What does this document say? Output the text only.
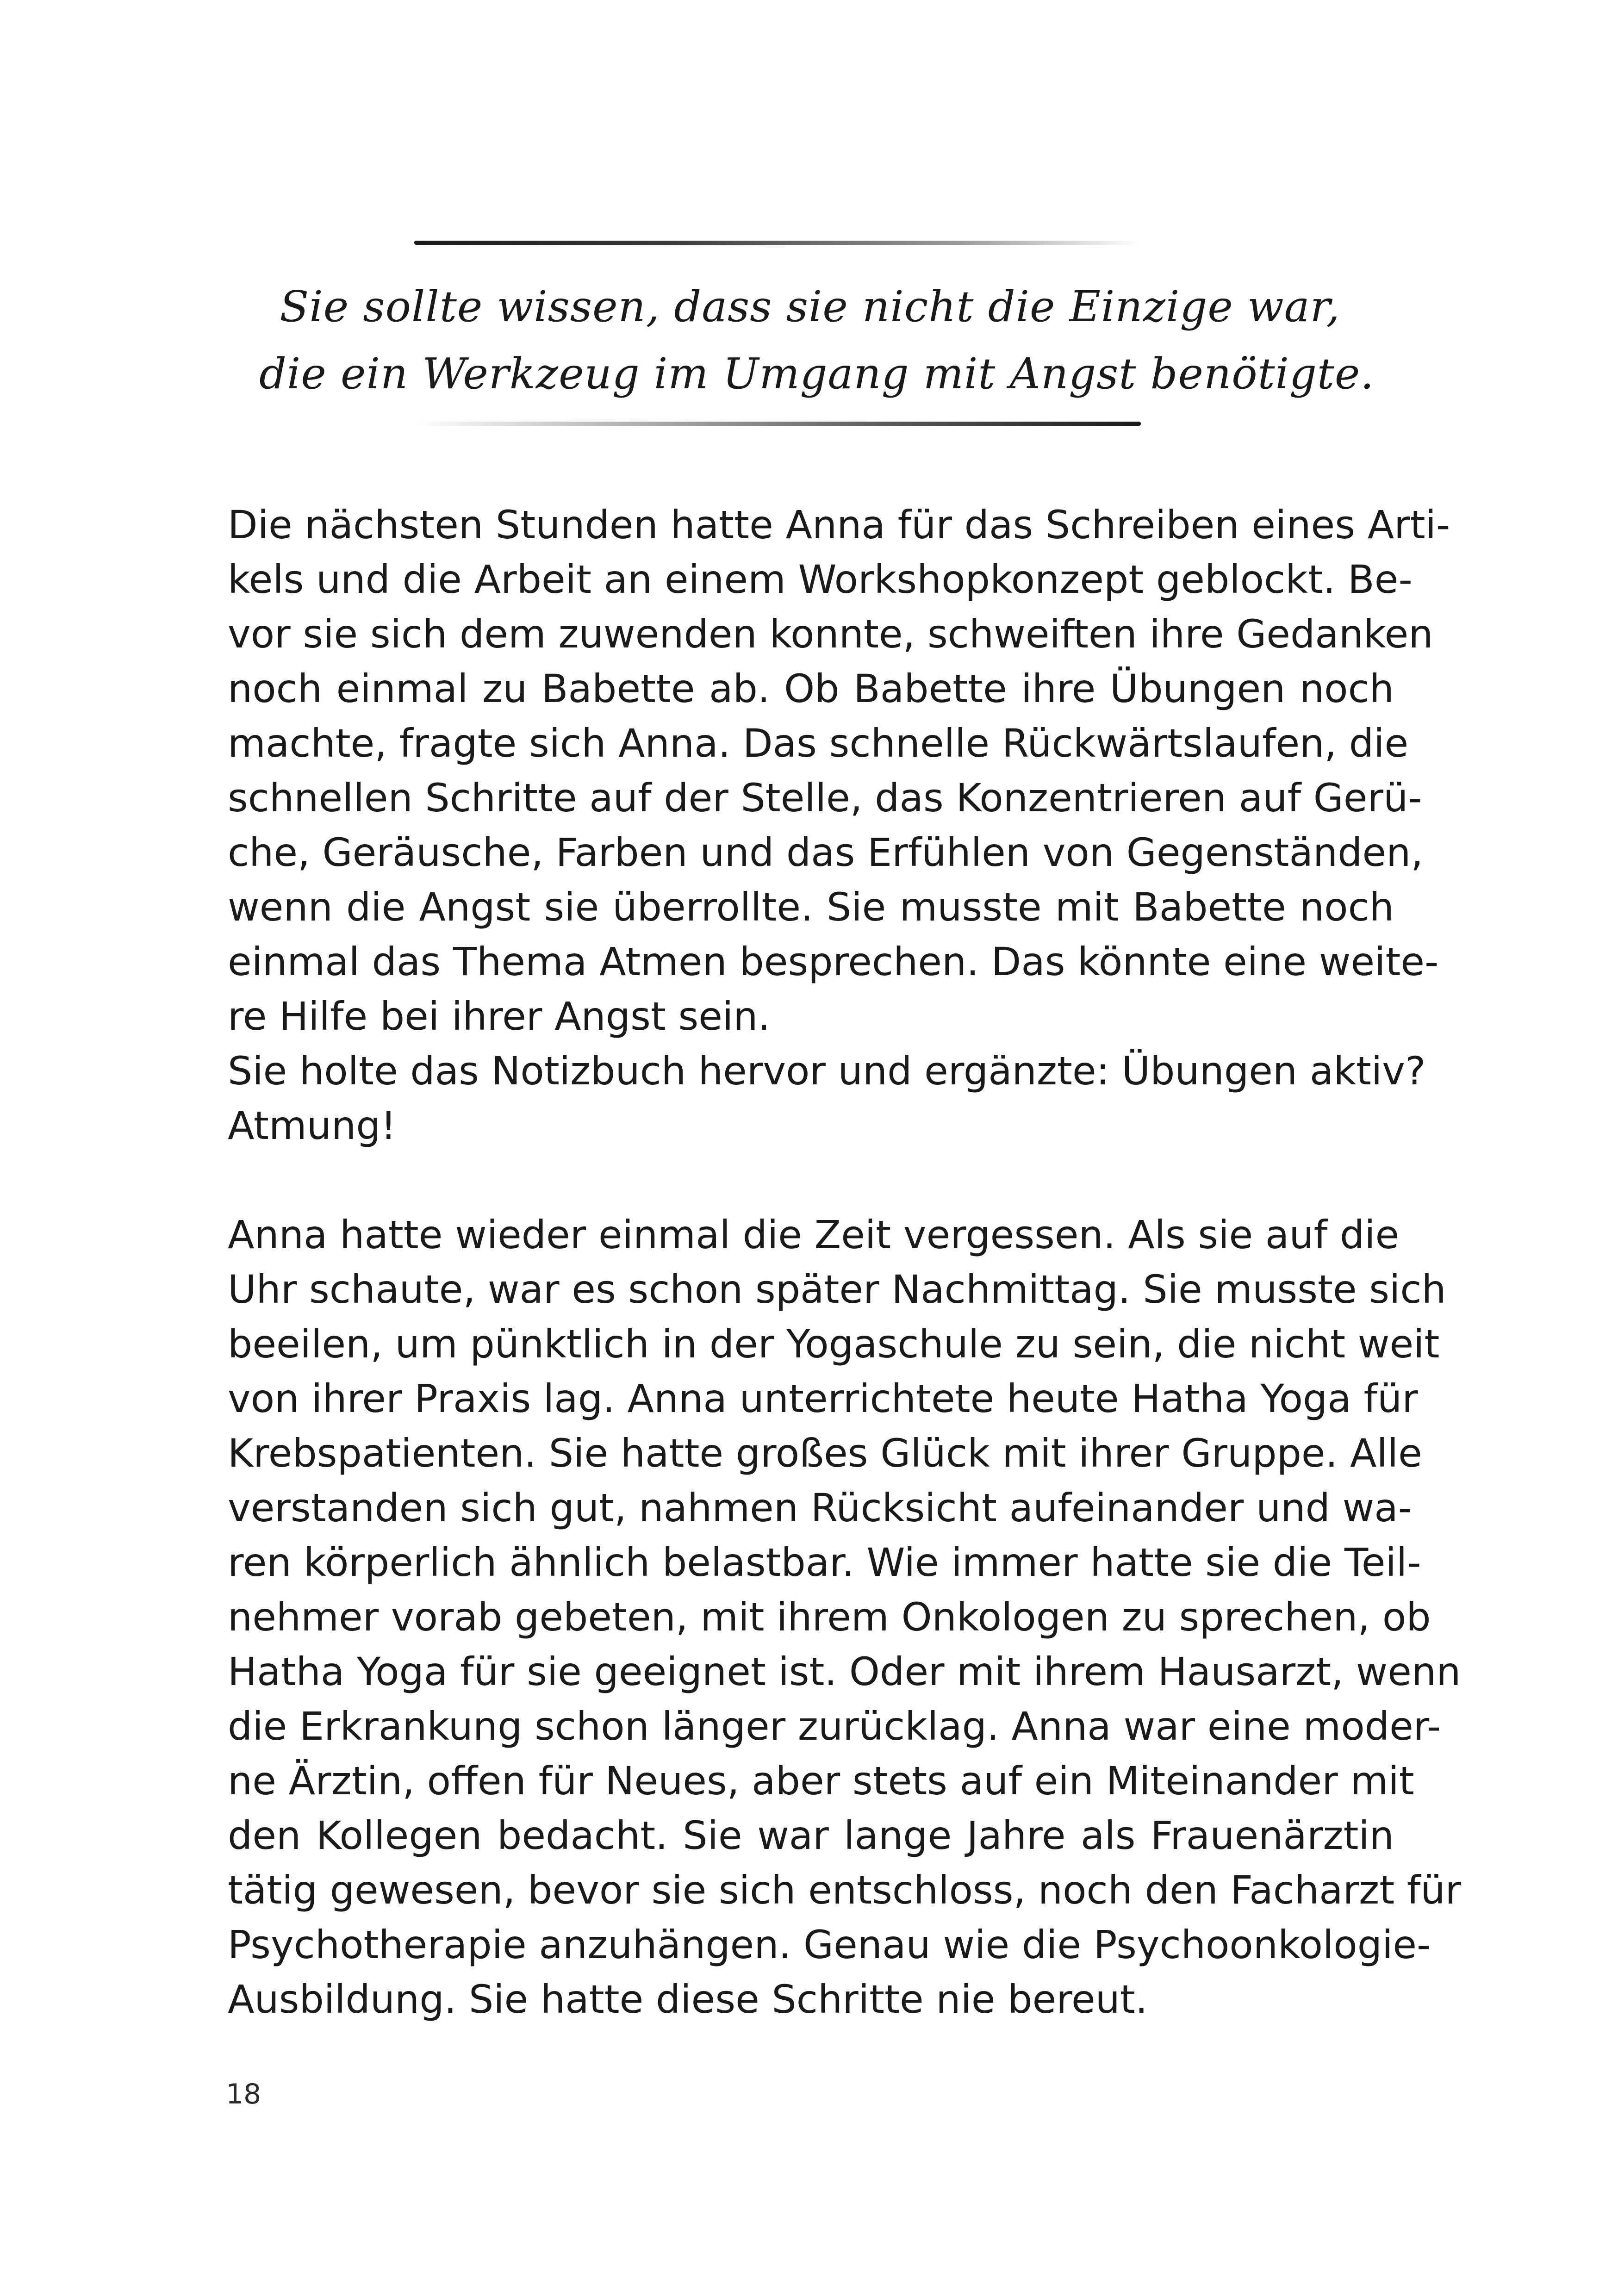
Sie sollte wissen, dass sie nicht die Einzige war,
die ein Werkzeug im Umgang mit Angst benötigte.

Die nächsten Stunden hatte Anna für das Schreiben eines Arti-
kels und die Arbeit an einem Workshopkonzept geblockt. Be-
vor sie sich dem zuwenden konnte, schweiften ihre Gedanken
noch einmal zu Babette ab. Ob Babette ihre Übungen noch
machte, fragte sich Anna. Das schnelle Rückwärtslaufen, die
schnellen Schritte auf der Stelle, das Konzentrieren auf Gerü-
che, Geräusche, Farben und das Erfühlen von Gegenständen,
wenn die Angst sie überrollte. Sie musste mit Babette noch
einmal das Thema Atmen besprechen. Das könnte eine weite-
re Hilfe bei ihrer Angst sein.

Sie holte das Notizbuch hervor und ergänzte: Übungen aktiv?
Atmung!

Anna hatte wieder einmal die Zeit vergessen. Als sie auf die
Uhr schaute, war es schon später Nachmittag. Sie musste sich
beeilen, um pünktlich in der Yogaschule zu sein, die nicht weit
von ihrer Praxis lag. Anna unterrichtete heute Hatha Yoga für
Krebspatienten. Sie hatte großes Glück mit ihrer Gruppe. Alle
verstanden sich gut, nahmen Rücksicht aufeinander und wa-
ren körperlich ähnlich belastbar. Wie immer hatte sie die Teil-
nehmer vorab gebeten, mit ihrem Onkologen zu sprechen, ob
Hatha Yoga für sie geeignet ist. Oder mit ihrem Hausarzt, wenn
die Erkrankung schon länger zurücklag. Anna war eine moder-
ne Ärztin, offen für Neues, aber stets auf ein Miteinander mit
den Kollegen bedacht. Sie war lange Jahre als Frauenärztin
tätig gewesen, bevor sie sich entschloss, noch den Facharzt für
Psychotherapie anzuhängen. Genau wie die Psychoonkologie-
Ausbildung. Sie hatte diese Schritte nie bereut.

18
